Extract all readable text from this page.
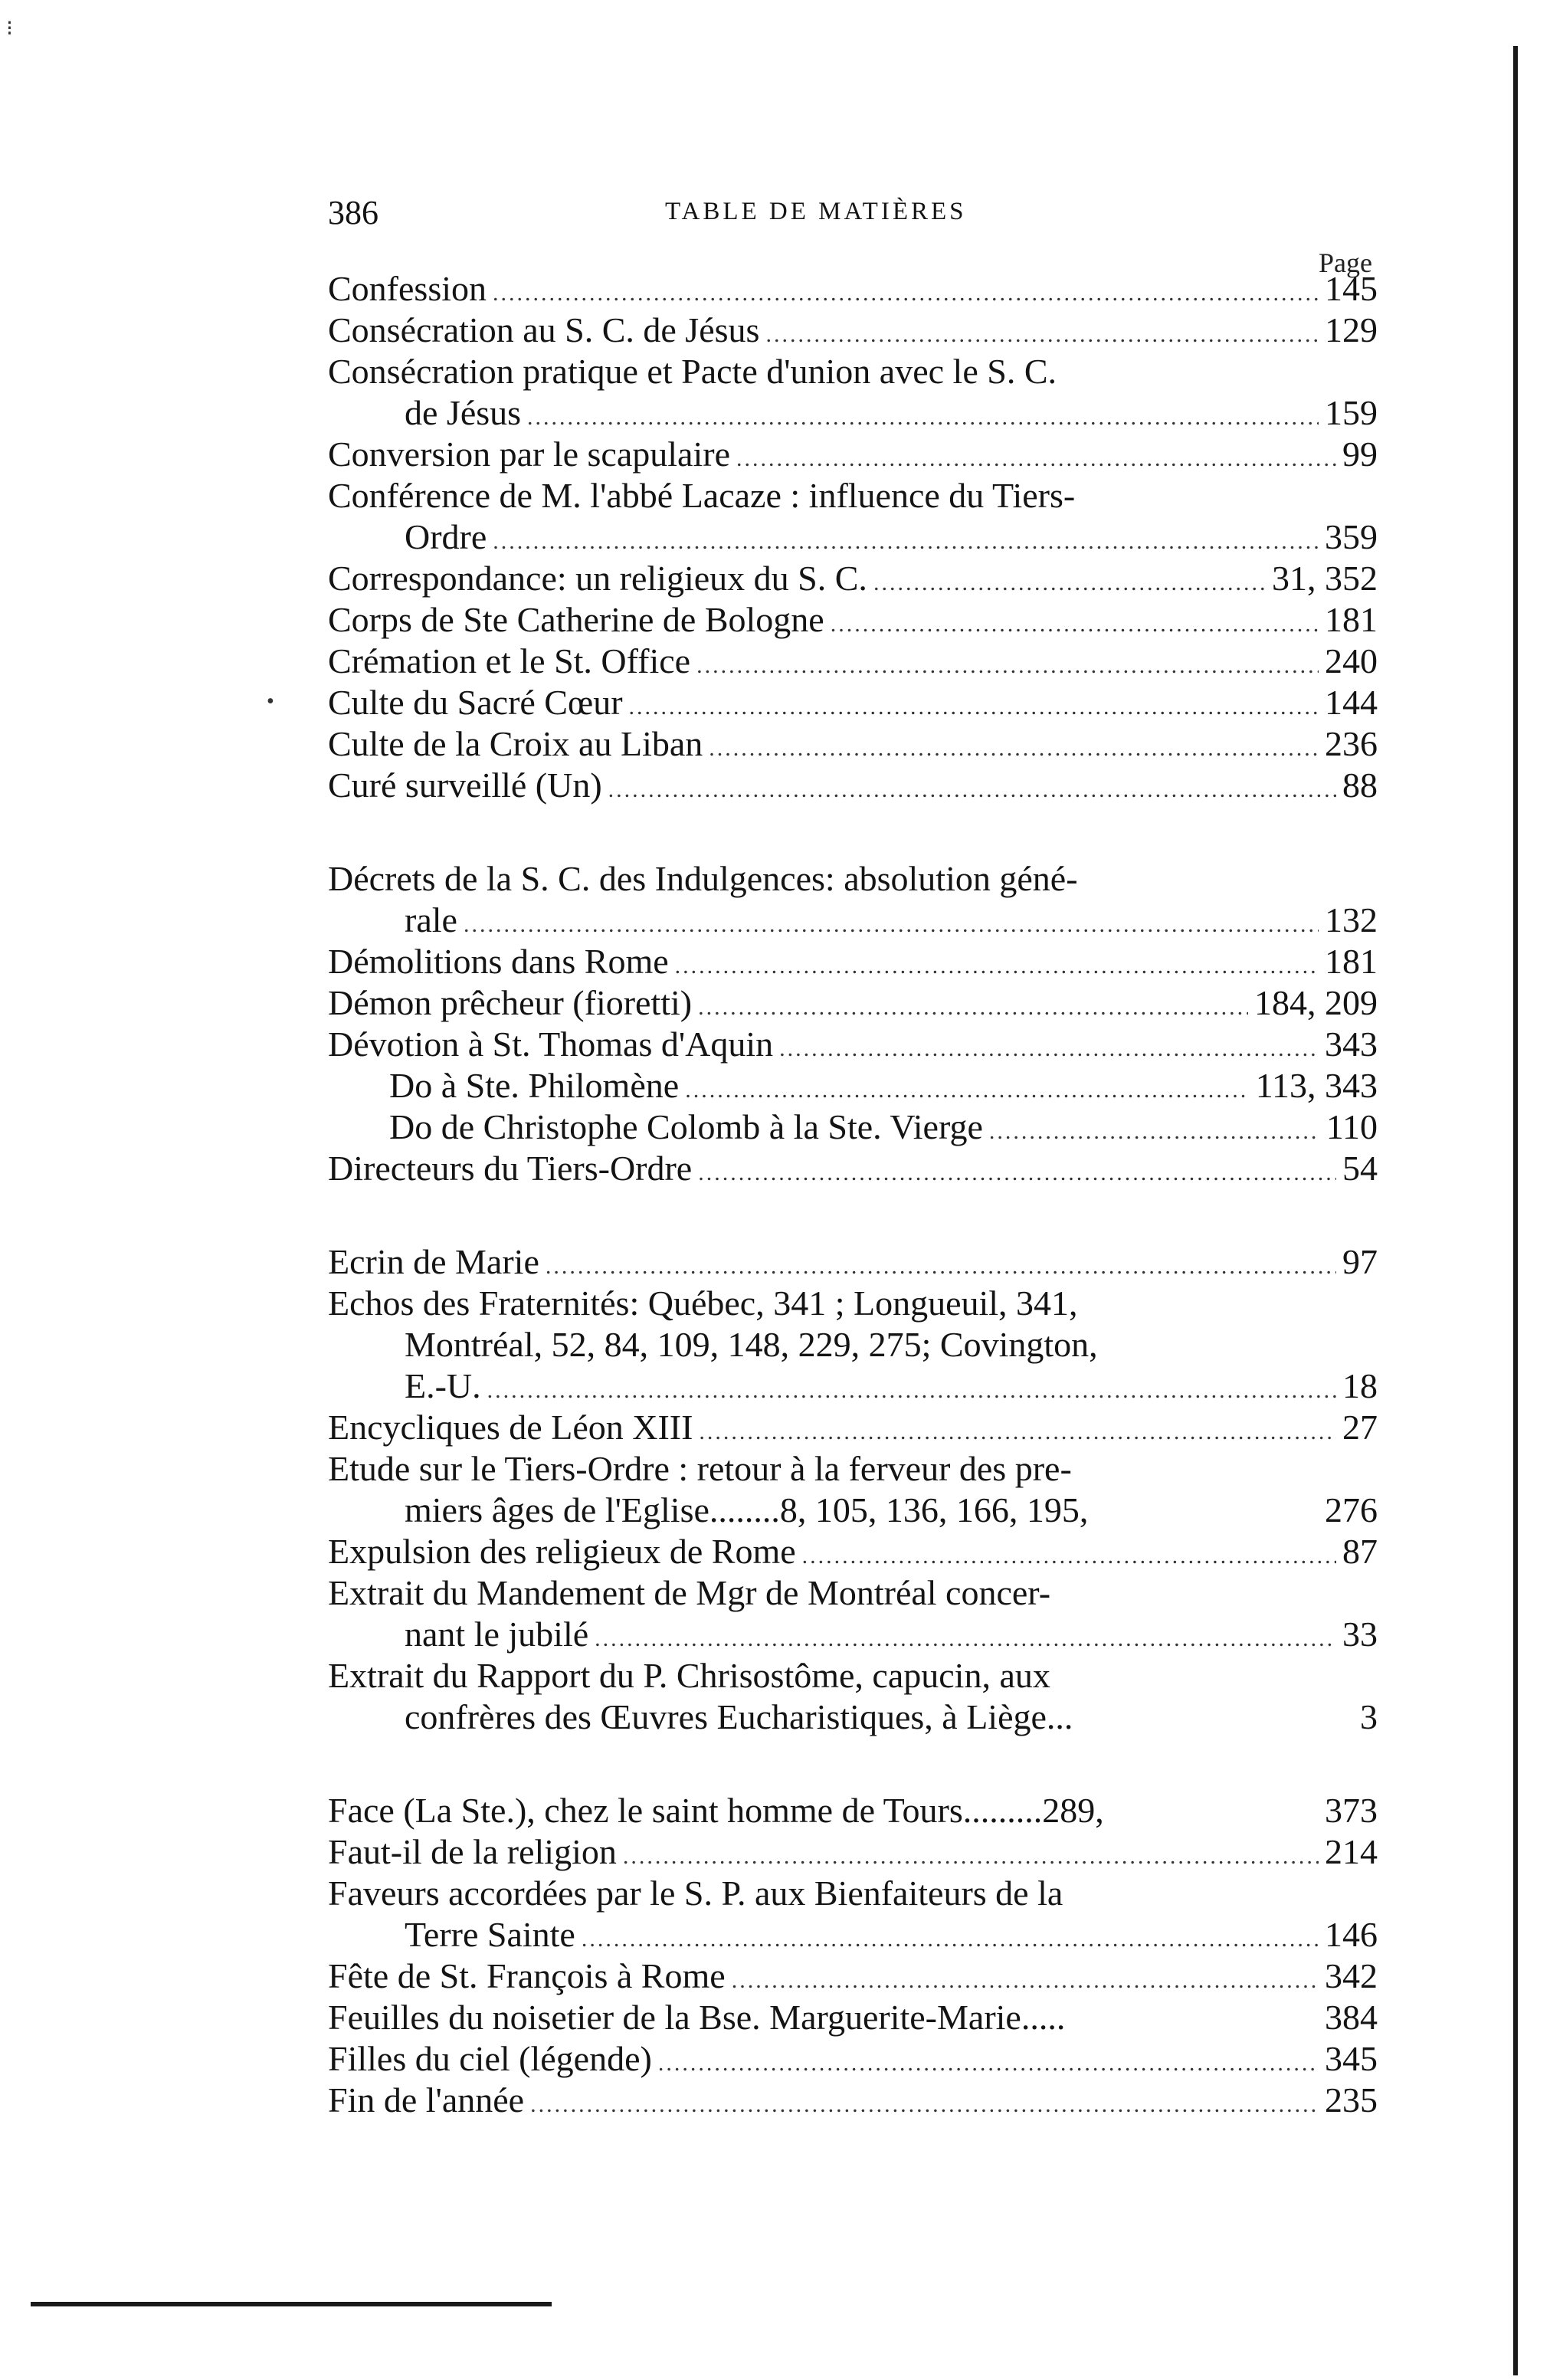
⁝
•
386	TABLE DE MATIÈRES
Page
Confession .....	145
Consécration au S. C. de Jésus .....	129
Consécration pratique et Pacte d'union avec le S. C.
de Jésus .....	159
Conversion par le scapulaire .....	99
Conférence de M. l'abbé Lacaze : influence du Tiers-
Ordre .....	359
Correspondance: un religieux du S. C. .....	31, 352
Corps de Ste Catherine de Bologne .....	181
Crémation et le St. Office .....	240
Culte du Sacré Cœur .....	144
Culte de la Croix au Liban .....	236
Curé surveillé (Un) .....	88
Décrets de la S. C. des Indulgences: absolution géné-
rale .....	132
Démolitions dans Rome .....	181
Démon prêcheur (fioretti) .....	184, 209
Dévotion à St. Thomas d'Aquin .....	343
Do à Ste. Philomène .....	113, 343
Do de Christophe Colomb à la Ste. Vierge .....	110
Directeurs du Tiers-Ordre .....	54
Ecrin de Marie .....	97
Echos des Fraternités: Québec, 341 ; Longueuil, 341,
Montréal, 52, 84, 109, 148, 229, 275; Covington,
E.-U. .....	18
Encycliques de Léon XIII .....	27
Etude sur le Tiers-Ordre : retour à la ferveur des pre-
miers âges de l'Eglise........8, 105, 136, 166, 195,	276
Expulsion des religieux de Rome .....	87
Extrait du Mandement de Mgr de Montréal concer-
nant le jubilé .....	33
Extrait du Rapport du P. Chrisostôme, capucin, aux
confrères des Œuvres Eucharistiques, à Liège...	3
Face (La Ste.), chez le saint homme de Tours.........289,	373
Faut-il de la religion .....	214
Faveurs accordées par le S. P. aux Bienfaiteurs de la
Terre Sainte .....	146
Fête de St. François à Rome .....	342
Feuilles du noisetier de la Bse. Marguerite-Marie.....	384
Filles du ciel (légende) .....	345
Fin de l'année .....	235
